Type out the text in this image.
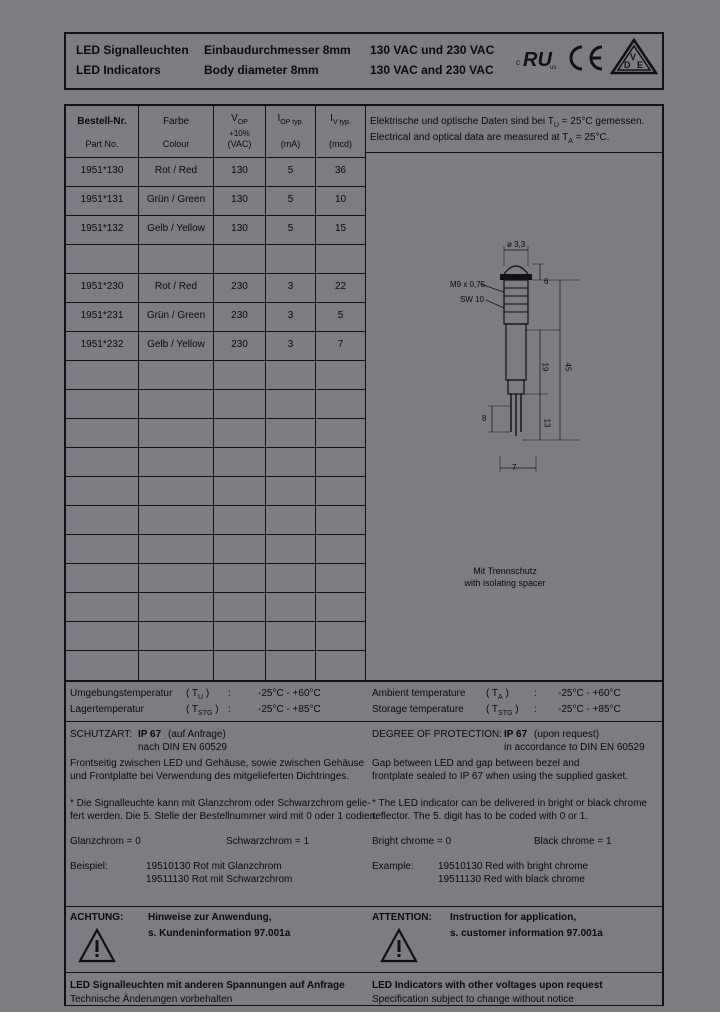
LED Signalleuchten
LED Indicators
Einbaudurchmesser 8mm
Body diameter 8mm
130 VAC und 230 VAC
130 VAC and 230 VAC
c RU
us
V
D E
Bestell-Nr.
Part No.
Farbe
Colour
$V_{OP}$
+10%
(VAC)
$I_{OP typ.}$
(mA)
$I_{V typ.}$
(mcd)
1951*130	Rot / Red	130	5	36
1951*131	Grün / Green	130	5	10
1951*132	Gelb / Yellow	130	5	15
1951*230	Rot / Red	230	3	22
1951*231	Grün / Green	230	3	5
1951*232	Gelb / Yellow	230	3	7
Elektrische und optische Daten sind bei $T_U = 25^\circ C$ gemessen.
Electrical and optical data are measured at $T_A = 25^\circ C$.
ø 3,3
M9 x 0,75
SW 10
6
19 45
8	13
7
Mit Trennschutz
with isolating spacer
Umgebungstemperatur ( $T_U$ ) :	-25°C - +60°C
Lagertemperatur	( $T_{STG}$ ) :	-25°C - +85°C
Ambient temperature ( $T_A$ )	: -25°C - +60°C
Storage temperature ( $T_{STG}$ ) : -25°C - +85°C
SCHUTZART: IP 67 (auf Anfrage)
nach DIN EN 60529
Frontseitig zwischen LED und Gehäuse, sowie zwischen Gehäuse
und Frontplatte bei Verwendung des mitgelieferten Dichtringes.
DEGREE OF PROTECTION: IP 67 (upon request)
in accordance to DIN EN 60529
Gap between LED and gap between bezel and
frontplate sealed to IP 67 when using the supplied gasket.
* Die Signalleuchte kann mit Glanzchrom oder Schwarzchrom gelie-
fert werden. Die 5. Stelle der Bestellnummer wird mit 0 oder 1 codiert.
Glanzchrom = 0	Schwarzchrom = 1
* The LED indicator can be delivered in bright or black chrome
reflector. The 5. digit has to be coded with 0 or 1.
Bright chrome = 0	Black chrome = 1
Beispiel:	19510130 Rot mit Glanzchrom
19511130 Rot mit Schwarzchrom
Example: 19510130 Red with bright chrome
19511130 Red with black chrome
ACHTUNG: Hinweise zur Anwendung,
s. Kundeninformation 97.001a
ATTENTION: Instruction for application,
s. customer information 97.001a
LED Signalleuchten mit anderen Spannungen auf Anfrage
Technische Änderungen vorbehalten
LED Indicators with other voltages upon request
Specification subject to change without notice
